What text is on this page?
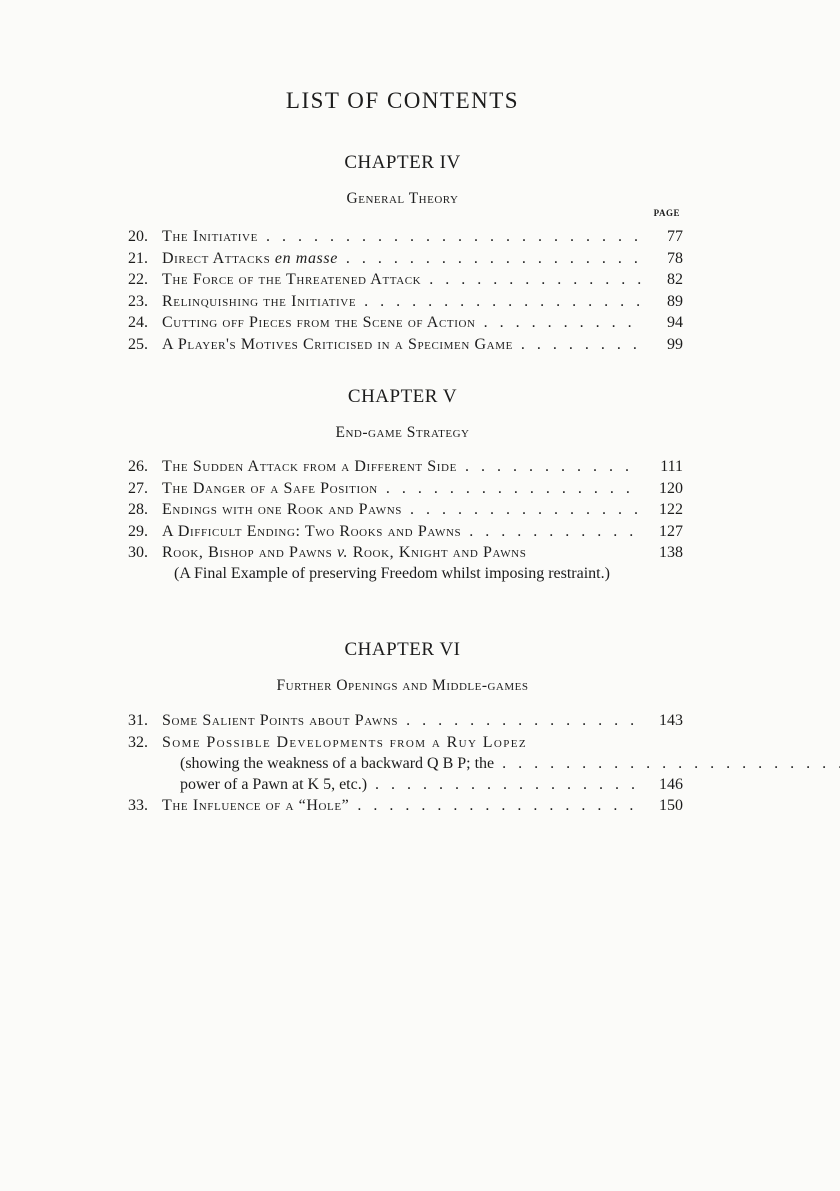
LIST OF CONTENTS
CHAPTER IV
General Theory
PAGE
20. The Initiative . . .	77
21. Direct Attacks en masse . . .	78
22. The Force of the Threatened Attack . . .	82
23. Relinquishing the Initiative . . .	89
24. Cutting off Pieces from the Scene of Action . . .	94
25. A Player's Motives Criticised in a Specimen Game . . .	99
CHAPTER V
End-game Strategy
26. The Sudden Attack from a Different Side . . .	111
27. The Danger of a Safe Position . . .	120
28. Endings with one Rook and Pawns . . .	122
29. A Difficult Ending: Two Rooks and Pawns . . .	127
30. Rook, Bishop and Pawns v. Rook, Knight and Pawns	138
(A Final Example of preserving Freedom whilst imposing restraint.)
CHAPTER VI
Further Openings and Middle-games
31. Some Salient Points about Pawns . . .	143
32. Some Possible Developments from a Ruy Lopez
(showing the weakness of a backward Q B P; the . . .
power of a Pawn at K 5, etc.) . . .	146
33. The Influence of a “Hole” . . .	150
